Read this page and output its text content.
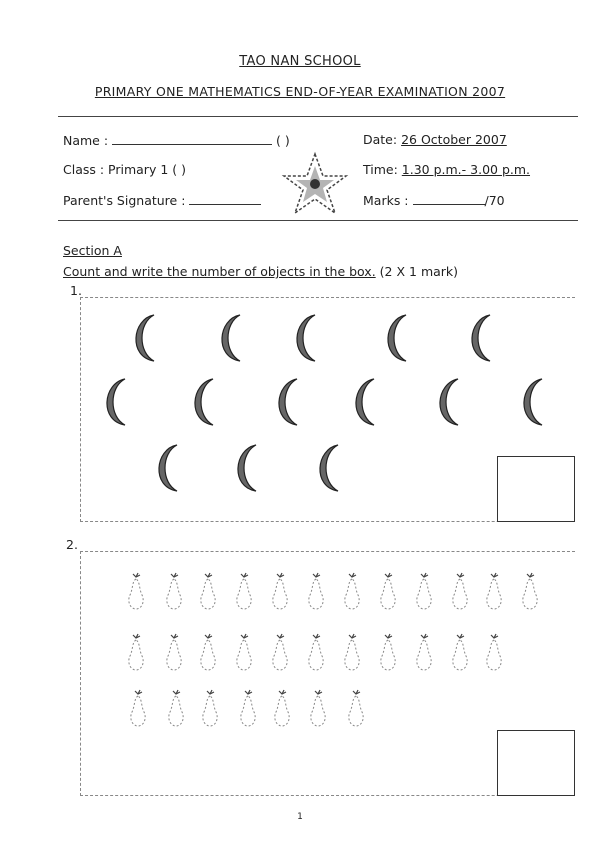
TAO NAN SCHOOL
PRIMARY ONE MATHEMATICS END-OF-YEAR EXAMINATION 2007
Name :	( )
Class : Primary 1 ( )
Parent's Signature :
Date: 26 October 2007
Time: 1.30 p.m.- 3.00 p.m.
Marks :	/70
Section A
Count and write the number of objects in the box. (2 X 1 mark)
1.
2.
1
